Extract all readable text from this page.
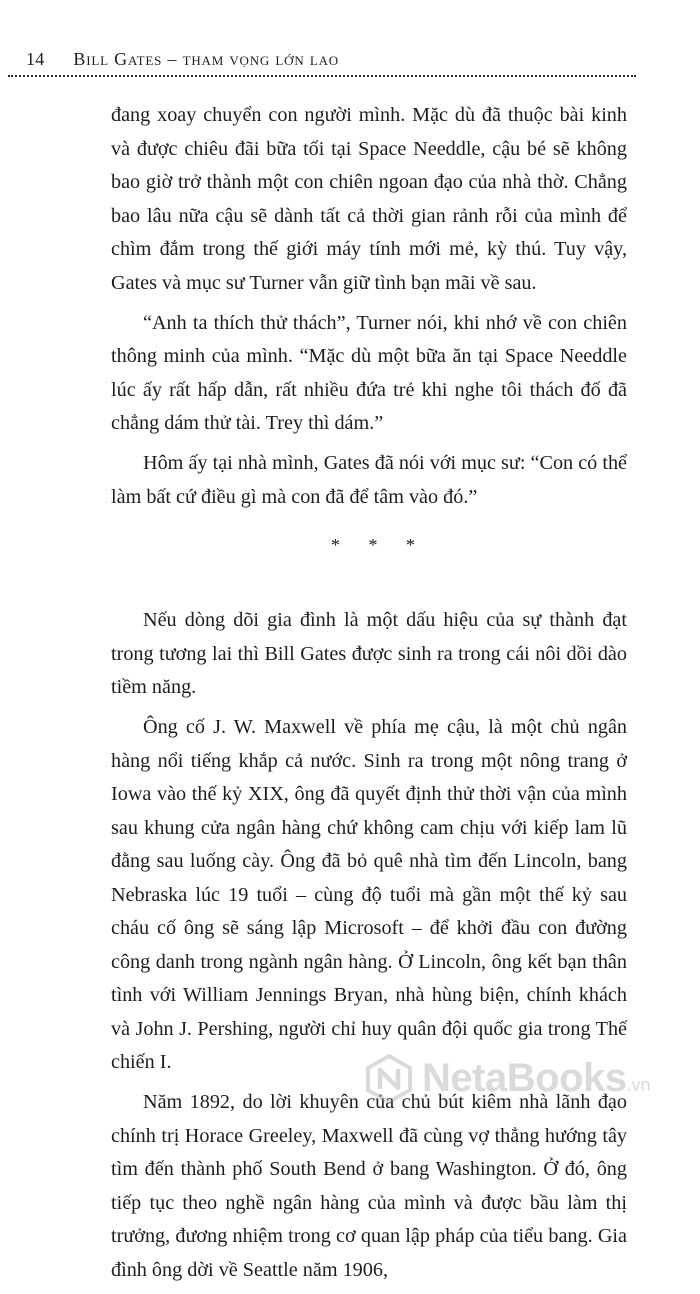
14 Bill Gates – tham vọng lớn lao

đang xoay chuyển con người mình. Mặc dù đã thuộc bài kinh và được chiêu đãi bữa tối tại Space Needdle, cậu bé sẽ không bao giờ trở thành một con chiên ngoan đạo của nhà thờ. Chẳng bao lâu nữa cậu sẽ dành tất cả thời gian rảnh rỗi của mình để chìm đắm trong thế giới máy tính mới mẻ, kỳ thú. Tuy vậy, Gates và mục sư Turner vẫn giữ tình bạn mãi về sau.

“Anh ta thích thử thách”, Turner nói, khi nhớ về con chiên thông minh của mình. “Mặc dù một bữa ăn tại Space Needdle lúc ấy rất hấp dẫn, rất nhiều đứa trẻ khi nghe tôi thách đố đã chẳng dám thử tài. Trey thì dám.”

Hôm ấy tại nhà mình, Gates đã nói với mục sư: “Con có thể làm bất cứ điều gì mà con đã để tâm vào đó.”

* * *

Nếu dòng dõi gia đình là một dấu hiệu của sự thành đạt trong tương lai thì Bill Gates được sinh ra trong cái nôi dồi dào tiềm năng.

Ông cố J. W. Maxwell về phía mẹ cậu, là một chủ ngân hàng nổi tiếng khắp cả nước. Sinh ra trong một nông trang ở Iowa vào thế kỷ XIX, ông đã quyết định thử thời vận của mình sau khung cửa ngân hàng chứ không cam chịu với kiếp lam lũ đằng sau luống cày. Ông đã bỏ quê nhà tìm đến Lincoln, bang Nebraska lúc 19 tuổi – cùng độ tuổi mà gần một thế kỷ sau cháu cố ông sẽ sáng lập Microsoft – để khởi đầu con đường công danh trong ngành ngân hàng. Ở Lincoln, ông kết bạn thân tình với William Jennings Bryan, nhà hùng biện, chính khách và John J. Pershing, người chỉ huy quân đội quốc gia trong Thế chiến I.

Năm 1892, do lời khuyên của chủ bút kiêm nhà lãnh đạo chính trị Horace Greeley, Maxwell đã cùng vợ thẳng hướng tây tìm đến thành phố South Bend ở bang Washington. Ở đó, ông tiếp tục theo nghề ngân hàng của mình và được bầu làm thị trưởng, đương nhiệm trong cơ quan lập pháp của tiểu bang. Gia đình ông dời về Seattle năm 1906,

NetaBooks.vn
